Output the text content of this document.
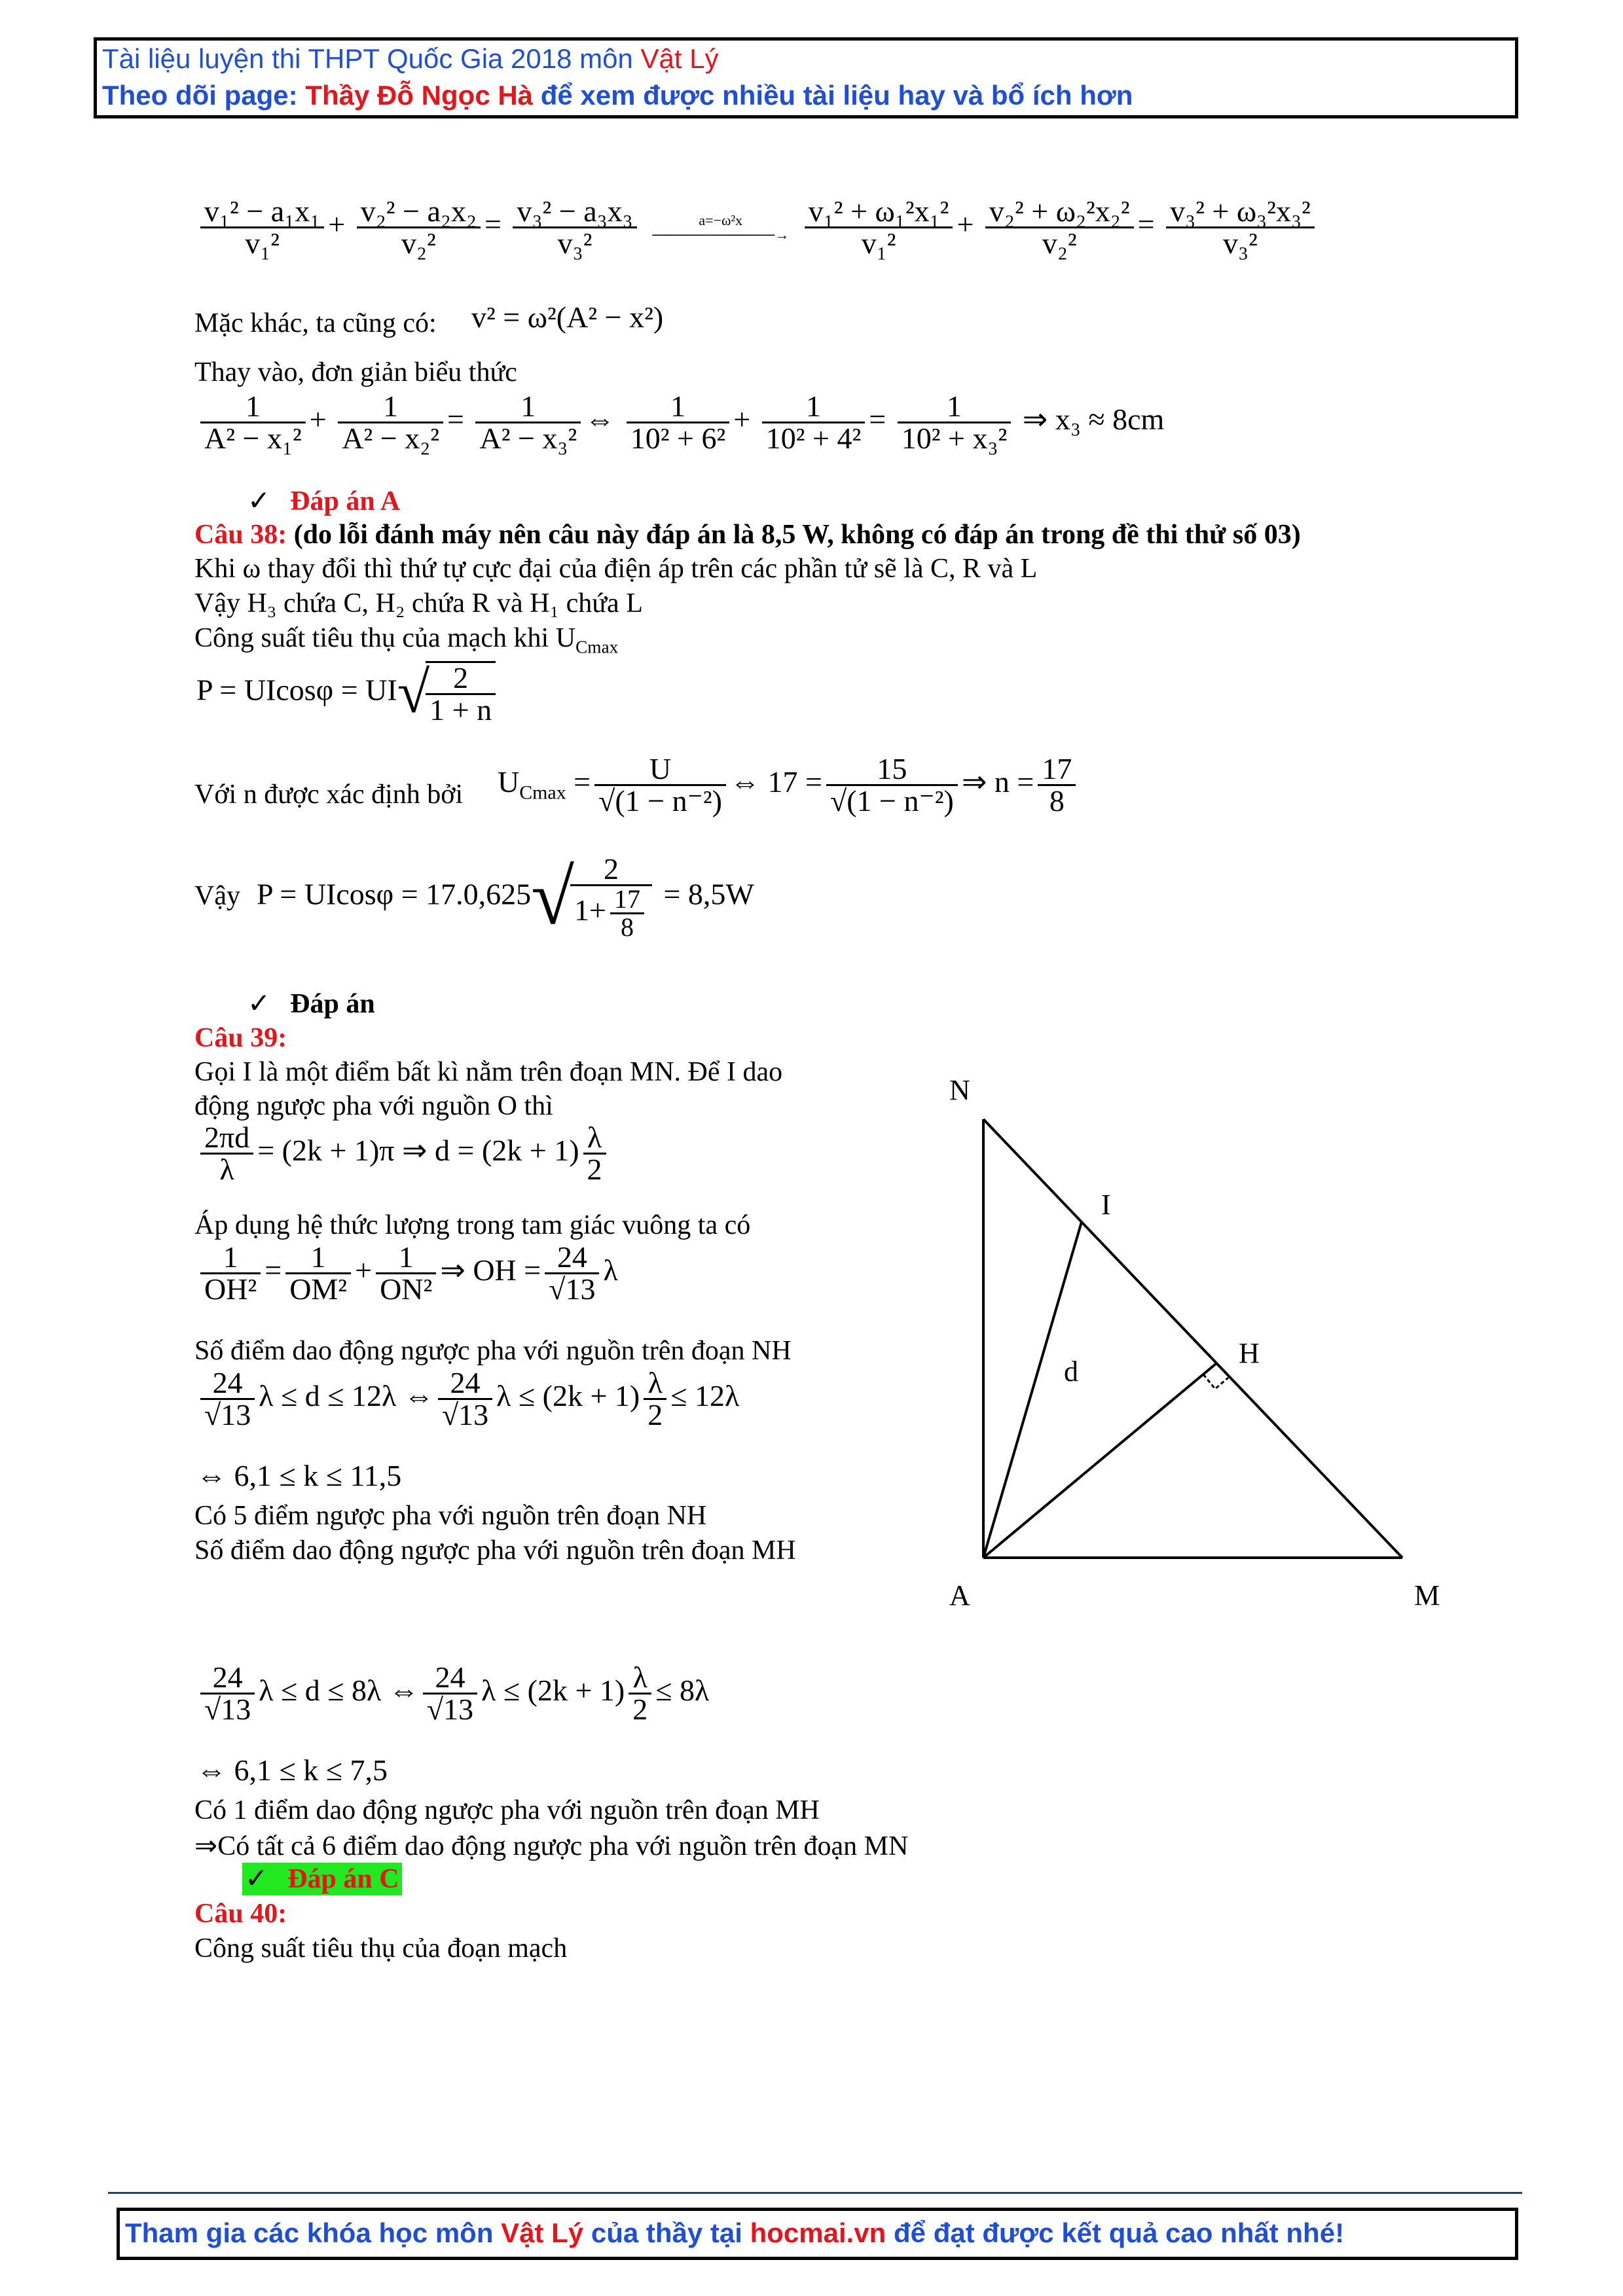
Tài liệu luyện thi THPT Quốc Gia 2018 môn Vật Lý
Theo dõi page: Thầy Đỗ Ngọc Hà để xem được nhiều tài liệu hay và bổ ích hơn
$\frac{\text{v₁² − a₁x₁}}{\text{v₁²}} + \frac{\text{v₂² − a₂x₂}}{\text{v₂²}} = \frac{\text{v₃² − a₃x₃}}{\text{v₃²}}$	a=−ω²x
────────────→ $\frac{\text{v₁² + ω₁²x₁²}}{\text{v₁²}} + \frac{\text{v₂² + ω₂²x₂²}}{\text{v₂²}} = \frac{\text{v₃² + ω₃²x₃²}}{\text{v₃²}}$
Mặc khác, ta cũng có: v² = ω²(A² − x²)
Thay vào, đơn giản biểu thức
$\frac{1}{\text{A² − x₁²}} + \frac{1}{\text{A² − x₂²}} = \frac{1}{\text{A² − x₃²}}$ ⇔ $\frac{1}{\text{10² + 6²}} + \frac{1}{\text{10² + 4²}} = \frac{1}{\text{10² + x₃²}}$ ⇒ x₃ ≈ 8cm
✓ Đáp án A
Câu 38: (do lỗi đánh máy nên câu này đáp án là 8,5 W, không có đáp án trong đề thi thử số 03)
Khi ω thay đổi thì thứ tự cực đại của điện áp trên các phần tử sẽ là C, R và L
Vậy H₃ chứa C, H₂ chứa R và H₁ chứa L
Công suất tiêu thụ của mạch khi $U_{Cmax}$
P = UIcosφ = UI√
$\frac{2}{1 + n}$
Với n được xác định bởi $U_{Cmax} = \frac{U}{\text{√(1 − n⁻²)}}$ ⇔ $17 = \frac{15}{\text{√(1 − n⁻²)}}$ ⇒ $n = \frac{17}{8}$
Vậy P = UIcosφ = 17.0,625√
$\frac{2}{1+ \frac{17}{8}} = 8,5W$
✓ Đáp án
Câu 39:
Gọi I là một điểm bất kì nằm trên đoạn MN. Để I dao
động ngược pha với nguồn O thì
$\frac{2\pi d}{\lambda} = (2k + 1)\pi$ ⇒ $d = (2k + 1) \frac{\lambda}{2}$
Áp dụng hệ thức lượng trong tam giác vuông ta có
$\frac{1}{\text{OH²}} = \frac{1}{\text{OM²}} + \frac{1}{\text{ON²}}$ ⇒ OH = $\frac{24}{√13}$ λ
Số điểm dao động ngược pha với nguồn trên đoạn NH
$\frac{24}{√13}$ λ ≤ d ≤ 12λ ⇔ $\frac{24}{√13}$ $\lambda \le (2k + 1) \frac{\lambda}{2} \le 12\lambda$
⇔ 6,1 ≤ k ≤ 11,5
Có 5 điểm ngược pha với nguồn trên đoạn NH
Số điểm dao động ngược pha với nguồn trên đoạn MH
N
I
H
d
A	M
$\frac{24}{√13}$ λ ≤ d ≤ 8λ ⇔ $\frac{24}{√13}$ $\lambda \le (2k + 1) \frac{\lambda}{2} \le 8\lambda$
⇔ 6,1 ≤ k ≤ 7,5
Có 1 điểm dao động ngược pha với nguồn trên đoạn MH
⇒Có tất cả 6 điểm dao động ngược pha với nguồn trên đoạn MN
✓ Đáp án C
Câu 40:
Công suất tiêu thụ của đoạn mạch
Tham gia các khóa học môn Vật Lý của thầy tại hocmai.vn để đạt được kết quả cao nhất nhé!
